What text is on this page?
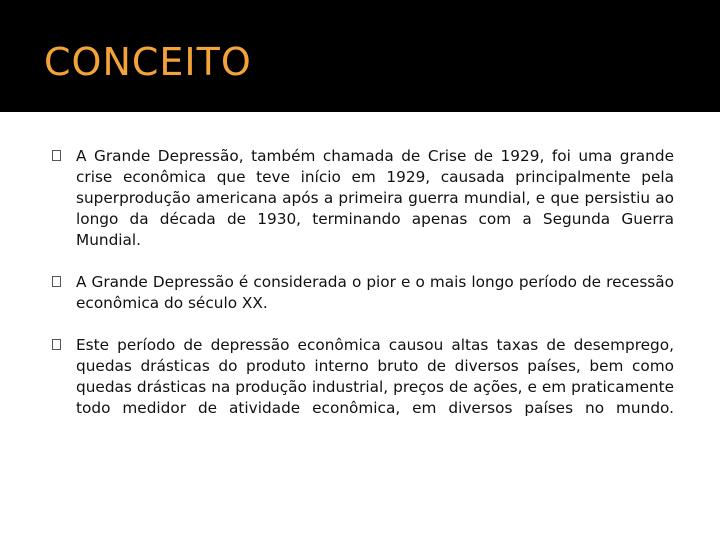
CONCEITO
A Grande Depressão, também chamada de Crise de 1929, foi uma grande crise econômica que teve início em 1929, causada principalmente pela superprodução americana após a primeira guerra mundial, e que persistiu ao longo da década de 1930, terminando apenas com a Segunda Guerra Mundial.
A Grande Depressão é considerada o pior e o mais longo período de recessão econômica do século XX.
Este período de depressão econômica causou altas taxas de desemprego, quedas drásticas do produto interno bruto de diversos países, bem como quedas drásticas na produção industrial, preços de ações, e em praticamente todo medidor de atividade econômica, em diversos países no mundo.
